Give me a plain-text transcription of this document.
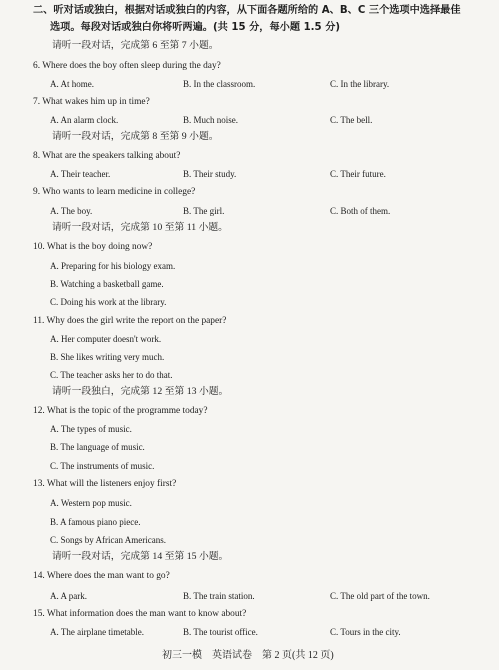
二、听对话或独白，根据对话或独白的内容，从下面各题所给的 A、B、C 三个选项中选择最佳
选项。每段对话或独白你将听两遍。(共 15 分，每小题 1.5 分)
请听一段对话，完成第 6 至第 7 小题。
6. Where does the boy often sleep during the day?
A. At home.	B. In the classroom.	C. In the library.
7. What wakes him up in time?
A. An alarm clock.	B. Much noise.	C. The bell.
请听一段对话，完成第 8 至第 9 小题。
8. What are the speakers talking about?
A. Their teacher.	B. Their study.	C. Their future.
9. Who wants to learn medicine in college?
A. The boy.	B. The girl.	C. Both of them.
请听一段对话，完成第 10 至第 11 小题。
10. What is the boy doing now?
A. Preparing for his biology exam.
B. Watching a basketball game.
C. Doing his work at the library.
11. Why does the girl write the report on the paper?
A. Her computer doesn't work.
B. She likes writing very much.
C. The teacher asks her to do that.
请听一段独白，完成第 12 至第 13 小题。
12. What is the topic of the programme today?
A. The types of music.
B. The language of music.
C. The instruments of music.
13. What will the listeners enjoy first?
A. Western pop music.
B. A famous piano piece.
C. Songs by African Americans.
请听一段对话，完成第 14 至第 15 小题。
14. Where does the man want to go?
A. A park.	B. The train station.	C. The old part of the town.
15. What information does the man want to know about?
A. The airplane timetable.	B. The tourist office.	C. Tours in the city.
初三一模　英语试卷　第 2 页(共 12 页)
